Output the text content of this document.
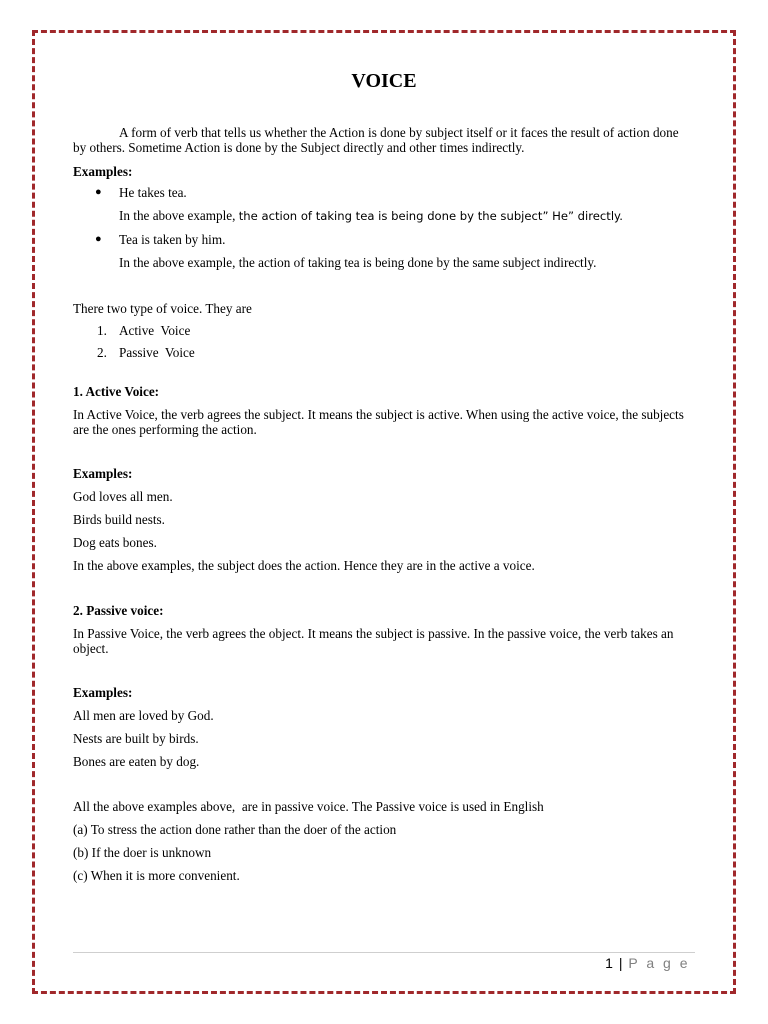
VOICE

A form of verb that tells us whether the Action is done by subject itself or it faces the result of action done by others. Sometime Action is done by the Subject directly and other times indirectly.

Examples:

● He takes tea.
In the above example, the action of taking tea is being done by the subject” He” directly.
● Tea is taken by him.
In the above example, the action of taking tea is being done by the same subject indirectly.

There two type of voice. They are

1. Active  Voice
2. Passive  Voice

1. Active Voice:

In Active Voice, the verb agrees the subject. It means the subject is active. When using the active voice, the subjects are the ones performing the action.

Examples:

God loves all men.

Birds build nests.

Dog eats bones.

In the above examples, the subject does the action. Hence they are in the active a voice.

2. Passive voice:

In Passive Voice, the verb agrees the object. It means the subject is passive. In the passive voice, the verb takes an object.

Examples:

All men are loved by God.

Nests are built by birds.

Bones are eaten by dog.

All the above examples above,  are in passive voice. The Passive voice is used in English

(a) To stress the action done rather than the doer of the action

(b) If the doer is unknown

(c) When it is more convenient.

1 | P a g e
